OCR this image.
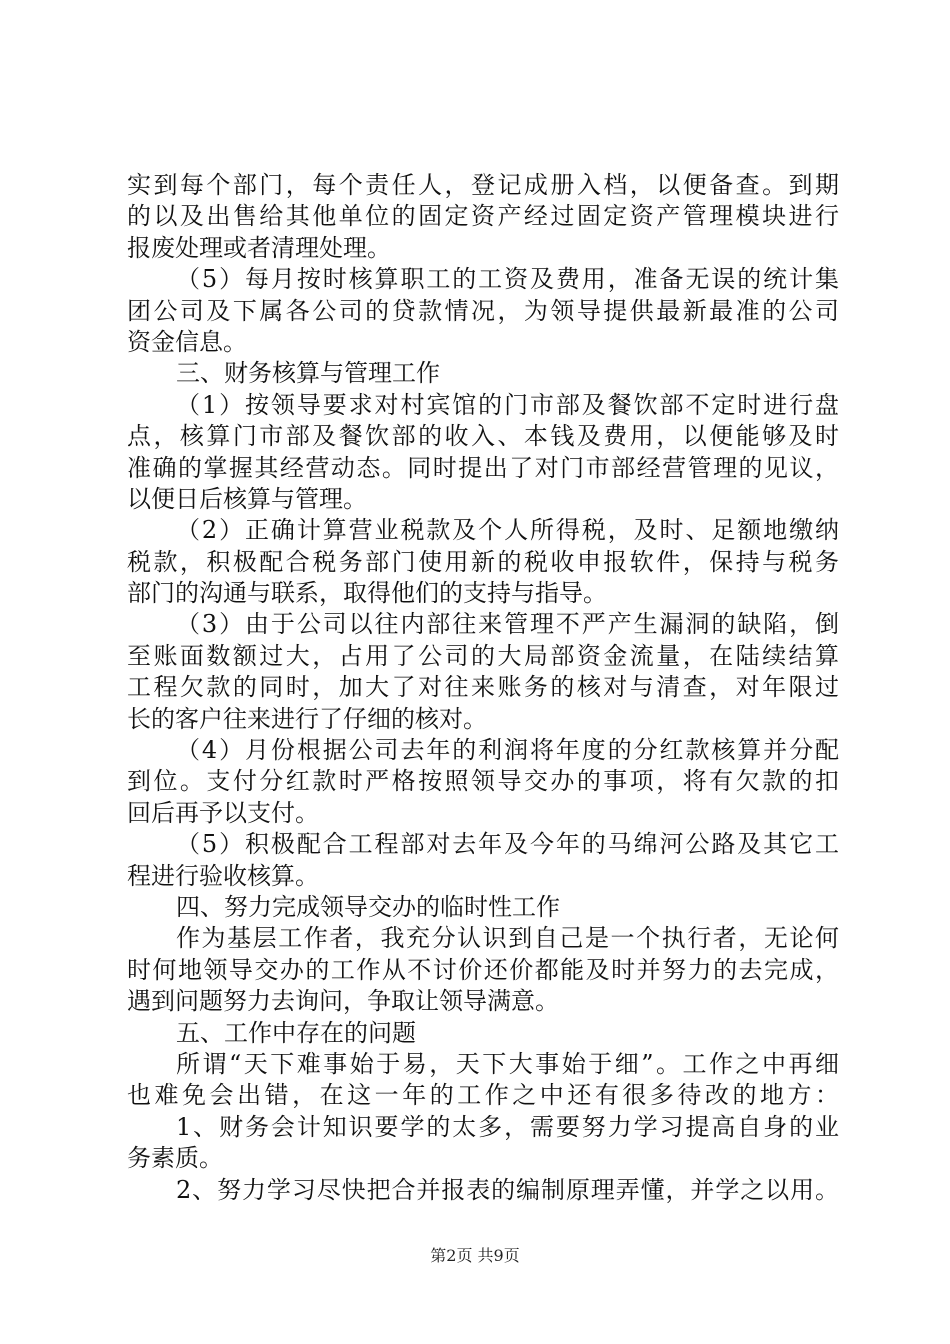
实到每个部门，每个责任人，登记成册入档，以便备查。到期
的以及出售给其他单位的固定资产经过固定资产管理模块进行
报废处理或者清理处理。
（5）每月按时核算职工的工资及费用，准备无误的统计集
团公司及下属各公司的贷款情况，为领导提供最新最准的公司
资金信息。
三、财务核算与管理工作
（1）按领导要求对村宾馆的门市部及餐饮部不定时进行盘
点，核算门市部及餐饮部的收入、本钱及费用，以便能够及时
准确的掌握其经营动态。同时提出了对门市部经营管理的见议，
以便日后核算与管理。
（2）正确计算营业税款及个人所得税，及时、足额地缴纳
税款，积极配合税务部门使用新的税收申报软件，保持与税务
部门的沟通与联系，取得他们的支持与指导。
（3）由于公司以往内部往来管理不严产生漏洞的缺陷，倒
至账面数额过大，占用了公司的大局部资金流量，在陆续结算
工程欠款的同时，加大了对往来账务的核对与清查，对年限过
长的客户往来进行了仔细的核对。
（4）月份根据公司去年的利润将年度的分红款核算并分配
到位。支付分红款时严格按照领导交办的事项，将有欠款的扣
回后再予以支付。
（5）积极配合工程部对去年及今年的马绵河公路及其它工
程进行验收核算。
四、努力完成领导交办的临时性工作
作为基层工作者，我充分认识到自己是一个执行者，无论何
时何地领导交办的工作从不讨价还价都能及时并努力的去完成，
遇到问题努力去询问，争取让领导满意。
五、工作中存在的问题
所谓“天下难事始于易，天下大事始于细”。工作之中再细
也难免会出错，在这一年的工作之中还有很多待改的地方：
1、财务会计知识要学的太多，需要努力学习提高自身的业
务素质。
2、努力学习尽快把合并报表的编制原理弄懂，并学之以用。
第2页 共9页
